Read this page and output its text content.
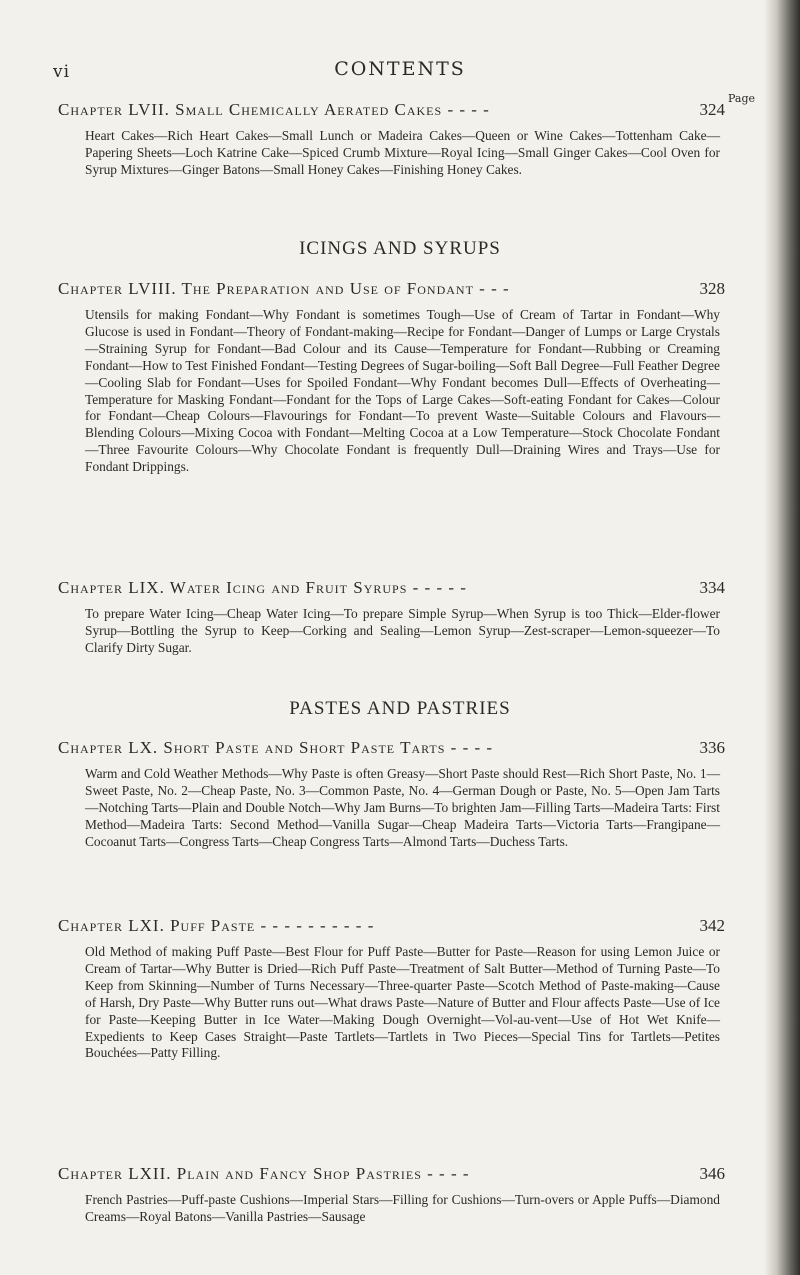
vi	CONTENTS
Page
Chapter LVII. Small Chemically Aerated Cakes - - - -	324
Heart Cakes—Rich Heart Cakes—Small Lunch or Madeira Cakes—Queen or Wine Cakes—Tottenham Cake—Papering Sheets—Loch Katrine Cake—Spiced Crumb Mixture—Royal Icing—Small Ginger Cakes—Cool Oven for Syrup Mixtures—Ginger Batons—Small Honey Cakes—Finishing Honey Cakes.
ICINGS AND SYRUPS
Chapter LVIII. The Preparation and Use of Fondant - - -	328
Utensils for making Fondant—Why Fondant is sometimes Tough—Use of Cream of Tartar in Fondant—Why Glucose is used in Fondant—Theory of Fondant-making—Recipe for Fondant—Danger of Lumps or Large Crystals—Straining Syrup for Fondant—Bad Colour and its Cause—Temperature for Fondant—Rubbing or Creaming Fondant—How to Test Finished Fondant—Testing Degrees of Sugar-boiling—Soft Ball Degree—Full Feather Degree—Cooling Slab for Fondant—Uses for Spoiled Fondant—Why Fondant becomes Dull—Effects of Overheating—Temperature for Masking Fondant—Fondant for the Tops of Large Cakes—Soft-eating Fondant for Cakes—Colour for Fondant—Cheap Colours—Flavourings for Fondant—To prevent Waste—Suitable Colours and Flavours—Blending Colours—Mixing Cocoa with Fondant—Melting Cocoa at a Low Temperature—Stock Chocolate Fondant—Three Favourite Colours—Why Chocolate Fondant is frequently Dull—Draining Wires and Trays—Use for Fondant Drippings.
Chapter LIX. Water Icing and Fruit Syrups - - - - -	334
To prepare Water Icing—Cheap Water Icing—To prepare Simple Syrup—When Syrup is too Thick—Elder-flower Syrup—Bottling the Syrup to Keep—Corking and Sealing—Lemon Syrup—Zest-scraper—Lemon-squeezer—To Clarify Dirty Sugar.
PASTES AND PASTRIES
Chapter LX. Short Paste and Short Paste Tarts - - - -	336
Warm and Cold Weather Methods—Why Paste is often Greasy—Short Paste should Rest—Rich Short Paste, No. 1—Sweet Paste, No. 2—Cheap Paste, No. 3—Common Paste, No. 4—German Dough or Paste, No. 5—Open Jam Tarts—Notching Tarts—Plain and Double Notch—Why Jam Burns—To brighten Jam—Filling Tarts—Madeira Tarts: First Method—Madeira Tarts: Second Method—Vanilla Sugar—Cheap Madeira Tarts—Victoria Tarts—Frangipane—Cocoanut Tarts—Congress Tarts—Cheap Congress Tarts—Almond Tarts—Duchess Tarts.
Chapter LXI. Puff Paste - - - - - - - - - -	342
Old Method of making Puff Paste—Best Flour for Puff Paste—Butter for Paste—Reason for using Lemon Juice or Cream of Tartar—Why Butter is Dried—Rich Puff Paste—Treatment of Salt Butter—Method of Turning Paste—To Keep from Skinning—Number of Turns Necessary—Three-quarter Paste—Scotch Method of Paste-making—Cause of Harsh, Dry Paste—Why Butter runs out—What draws Paste—Nature of Butter and Flour affects Paste—Use of Ice for Paste—Keeping Butter in Ice Water—Making Dough Overnight—Vol-au-vent—Use of Hot Wet Knife—Expedients to Keep Cases Straight—Paste Tartlets—Tartlets in Two Pieces—Special Tins for Tartlets—Petites Bouchées—Patty Filling.
Chapter LXII. Plain and Fancy Shop Pastries - - - -	346
French Pastries—Puff-paste Cushions—Imperial Stars—Filling for Cushions—Turn-overs or Apple Puffs—Diamond Creams—Royal Batons—Vanilla Pastries—Sausage
